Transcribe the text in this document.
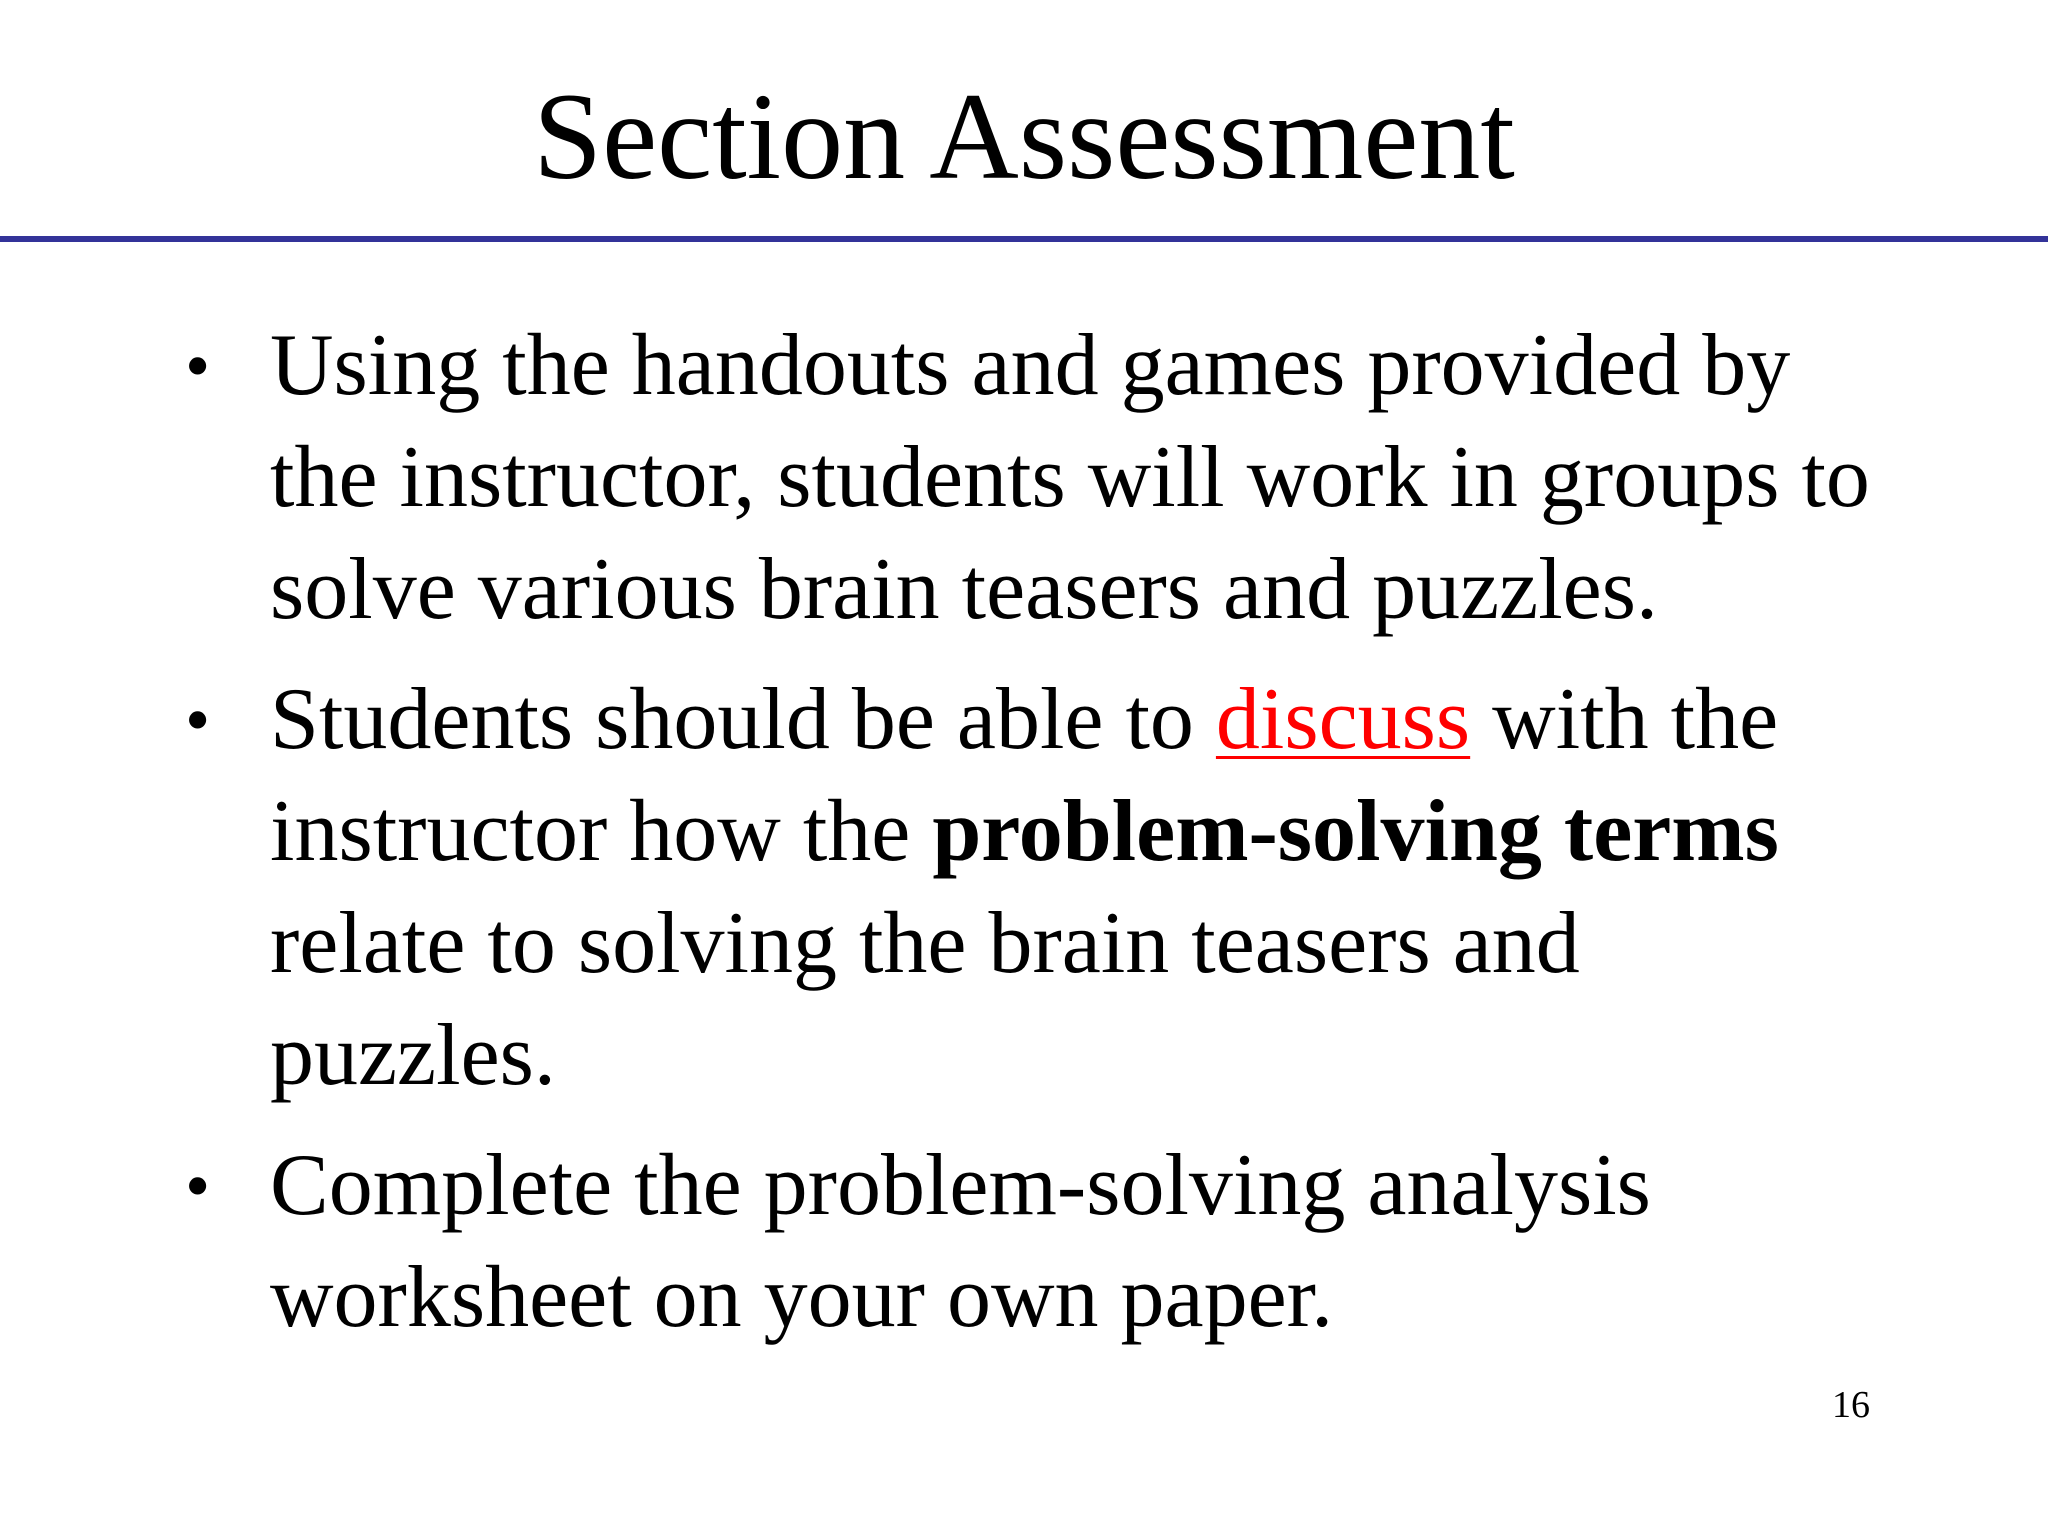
Section Assessment
• Using the handouts and games provided by the instructor, students will work in groups to solve various brain teasers and puzzles.
• Students should be able to discuss with the instructor how the problem-solving terms relate to solving the brain teasers and puzzles.
• Complete the problem-solving analysis worksheet on your own paper.
16
